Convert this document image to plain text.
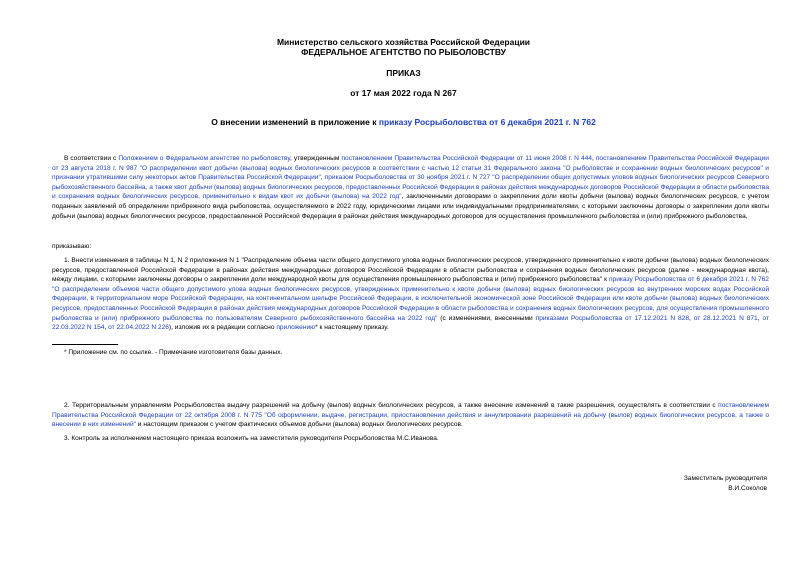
Министерство сельского хозяйства Российской Федерации
ФЕДЕРАЛЬНОЕ АГЕНТСТВО ПО РЫБОЛОВСТВУ
ПРИКАЗ
от 17 мая 2022 года N 267
О внесении изменений в приложение к приказу Росрыболовства от 6 декабря 2021 г. N 762

В соответствии с Положением о Федеральном агентстве по рыболовству, утвержденным постановлением Правительства Российской Федерации от 11 июня 2008 г. N 444, постановлением Правительства Российской Федерации от 23 августа 2018 г. N 987 "О распределении квот добычи (вылова) водных биологических ресурсов в соответствии с частью 12 статьи 31 Федерального закона "О рыболовстве и сохранении водных биологических ресурсов" и признании утратившими силу некоторых актов Правительства Российской Федерации", приказом Росрыболовства от 30 ноября 2021 г. N 727 "О распределении общих допустимых уловов водных биологических ресурсов Северного рыбохозяйственного бассейна, а также квот добычи (вылова) водных биологических ресурсов, предоставленных Российской Федерации в районах действия международных договоров Российской Федерации в области рыболовства и сохранения водных биологических ресурсов, применительно к видам квот их добычи (вылова) на 2022 год", заключенными договорами о закреплении доли квоты добычи (вылова) водных биологических ресурсов, с учетом поданных заявлений об определении прибрежного вида рыболовства, осуществляемого в 2022 году, юридическими лицами или индивидуальными предпринимателями, с которыми заключены договоры о закреплении доли квоты добычи (вылова) водных биологических ресурсов, предоставленной Российской Федерации в районах действия международных договоров для осуществления промышленного рыболовства и (или) прибрежного рыболовства,

приказываю:

1. Внести изменения в таблицы N 1, N 2 приложения N 1 "Распределение объема части общего допустимого улова водных биологических ресурсов, утвержденного применительно к квоте добычи (вылова) водных биологических ресурсов, предоставленной Российской Федерации в районах действия международных договоров Российской Федерации в области рыболовства и сохранения водных биологических ресурсов (далее - международная квота), между лицами, с которыми заключены договоры о закреплении доли международной квоты для осуществления промышленного рыболовства и (или) прибрежного рыболовства" к приказу Росрыболовства от 6 декабря 2021 г. N 762 "О распределении объемов части общего допустимого улова водных биологических ресурсов, утвержденных применительно к квоте добычи (вылова) водных биологических ресурсов во внутренних морских водах Российской Федерации, в территориальном море Российской Федерации, на континентальном шельфе Российской Федерации, в исключительной экономической зоне Российской Федерации или квоте добычи (вылова) водных биологических ресурсов, предоставленных Российской Федерации в районах действия международных договоров Российской Федерации в области рыболовства и сохранения водных биологических ресурсов, для осуществления промышленного рыболовства и (или) прибрежного рыболовства по пользователям Северного рыбохозяйственного бассейна на 2022 год" (с изменениями, внесенными приказами Росрыболовства от 17.12.2021 N 828, от 28.12.2021 N 871, от 22.03.2022 N 154, от 22.04.2022 N 226), изложив их в редакции согласно приложению* к настоящему приказу.

* Приложение см. по ссылке. - Примечание изготовителя базы данных.

2. Территориальным управлениям Росрыболовства выдачу разрешений на добычу (вылов) водных биологических ресурсов, а также внесение изменений в такие разрешения, осуществлять в соответствии с постановлением Правительства Российской Федерации от 22 октября 2008 г. N 775 "Об оформлении, выдаче, регистрации, приостановлении действия и аннулировании разрешений на добычу (вылов) водных биологических ресурсов, а также о внесении в них изменений" и настоящим приказом с учетом фактических объемов добычи (вылова) водных биологических ресурсов.

3. Контроль за исполнением настоящего приказа возложить на заместителя руководителя Росрыболовства М.С.Иванова.
Заместитель руководителя
В.И.Соколов
